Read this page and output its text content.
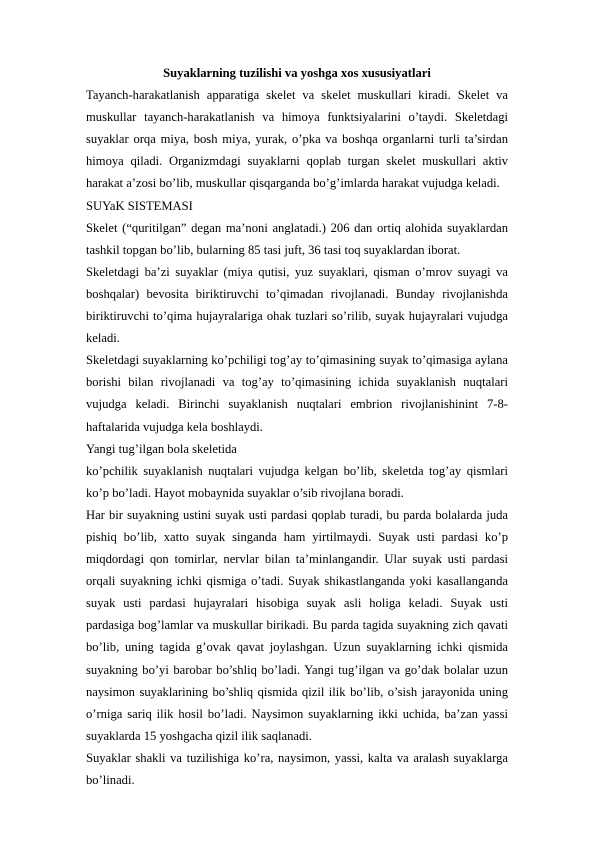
Suyaklarning tuzilishi va yoshga xos xususiyatlari

Tayanch-harakatlanish apparatiga skelet va skelet muskullari kiradi. Skelet va muskullar tayanch-harakatlanish va himoya funktsiyalarini o’taydi. Skeletdagi suyaklar orqa miya, bosh miya, yurak, o’pka va boshqa organlarni turli ta’sirdan himoya qiladi. Organizmdagi suyaklarni qoplab turgan skelet muskullari aktiv harakat a’zosi bo’lib, muskullar qisqarganda bo’g’imlarda harakat vujudga keladi.

SUYaK SISTEMASI

Skelet (“quritilgan” degan ma’noni anglatadi.) 206 dan ortiq alohida suyaklardan tashkil topgan bo’lib, bularning 85 tasi juft, 36 tasi toq suyaklardan iborat.

Skeletdagi ba’zi suyaklar (miya qutisi, yuz suyaklari, qisman o’mrov suyagi va boshqalar) bevosita biriktiruvchi to’qimadan rivojlanadi. Bunday rivojlanishda biriktiruvchi to’qima hujayralariga ohak tuzlari so’rilib, suyak hujayralari vujudga keladi.

Skeletdagi suyaklarning ko’pchiligi tog’ay to’qimasining suyak to’qimasiga aylana borishi bilan rivojlanadi va tog’ay to’qimasining ichida suyaklanish nuqtalari vujudga keladi. Birinchi suyaklanish nuqtalari embrion rivojlanishinint 7-8- haftalarida vujudga kela boshlaydi.

Yangi tug’ilgan bola skeletida

ko’pchilik suyaklanish nuqtalari vujudga kelgan bo’lib, skeletda tog’ay qismlari ko’p bo’ladi. Hayot mobaynida suyaklar o’sib rivojlana boradi.

Har bir suyakning ustini suyak usti pardasi qoplab turadi, bu parda bolalarda juda pishiq bo’lib, xatto suyak singanda ham yirtilmaydi. Suyak usti pardasi ko’p miqdordagi qon tomirlar, nervlar bilan ta’minlangandir. Ular suyak usti pardasi orqali suyakning ichki qismiga o’tadi. Suyak shikastlanganda yoki kasallanganda suyak usti pardasi hujayralari hisobiga suyak asli holiga keladi. Suyak usti pardasiga bog’lamlar va muskullar birikadi. Bu parda tagida suyakning zich qavati bo’lib, uning tagida g’ovak qavat joylashgan. Uzun suyaklarning ichki qismida suyakning bo’yi barobar bo’shliq bo’ladi. Yangi tug’ilgan va go’dak bolalar uzun naysimon suyaklarining bo’shliq qismida qizil ilik bo’lib, o’sish jarayonida uning o’rniga sariq ilik hosil bo’ladi. Naysimon suyaklarning ikki uchida, ba’zan yassi suyaklarda 15 yoshgacha qizil ilik saqlanadi.

Suyaklar shakli va tuzilishiga ko’ra, naysimon, yassi, kalta va aralash suyaklarga bo’linadi.
